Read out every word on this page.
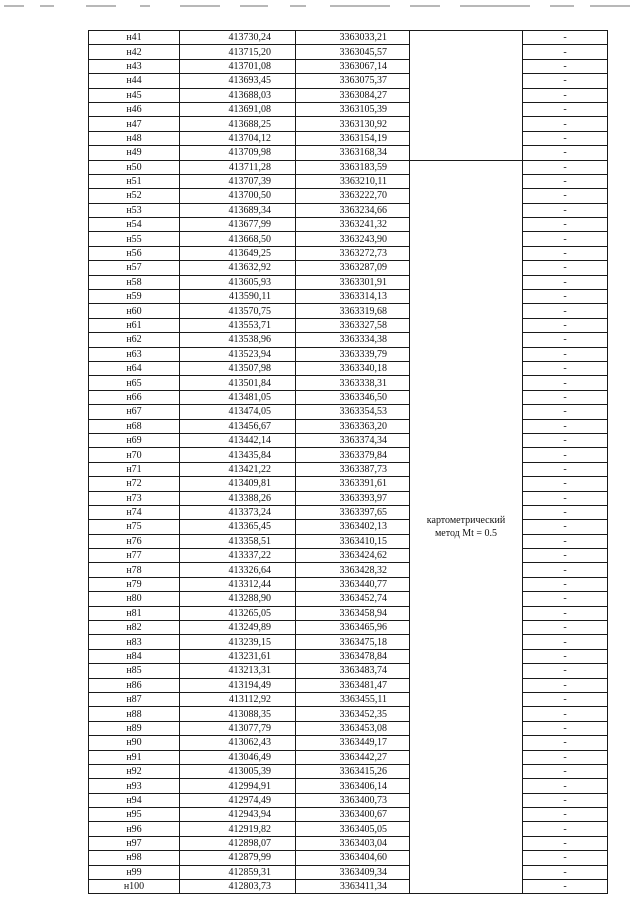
н41	413730,24	3363033,21		-
н42	413715,20	3363045,57		-
н43	413701,08	3363067,14		-
н44	413693,45	3363075,37		-
н45	413688,03	3363084,27		-
н46	413691,08	3363105,39		-
н47	413688,25	3363130,92		-
н48	413704,12	3363154,19		-
н49	413709,98	3363168,34		-
н50	413711,28	3363183,59	картометрический
метод Mt = 0.5	-
н51	413707,39	3363210,11		-
н52	413700,50	3363222,70		-
н53	413689,34	3363234,66		-
н54	413677,99	3363241,32		-
н55	413668,50	3363243,90		-
н56	413649,25	3363272,73		-
н57	413632,92	3363287,09		-
н58	413605,93	3363301,91		-
н59	413590,11	3363314,13		-
н60	413570,75	3363319,68		-
н61	413553,71	3363327,58		-
н62	413538,96	3363334,38		-
н63	413523,94	3363339,79		-
н64	413507,98	3363340,18		-
н65	413501,84	3363338,31		-
н66	413481,05	3363346,50		-
н67	413474,05	3363354,53		-
н68	413456,67	3363363,20		-
н69	413442,14	3363374,34		-
н70	413435,84	3363379,84		-
н71	413421,22	3363387,73		-
н72	413409,81	3363391,61		-
н73	413388,26	3363393,97		-
н74	413373,24	3363397,65		-
н75	413365,45	3363402,13		-
н76	413358,51	3363410,15		-
н77	413337,22	3363424,62		-
н78	413326,64	3363428,32		-
н79	413312,44	3363440,77		-
н80	413288,90	3363452,74		-
н81	413265,05	3363458,94		-
н82	413249,89	3363465,96		-
н83	413239,15	3363475,18		-
н84	413231,61	3363478,84		-
н85	413213,31	3363483,74		-
н86	413194,49	3363481,47		-
н87	413112,92	3363455,11		-
н88	413088,35	3363452,35		-
н89	413077,79	3363453,08		-
н90	413062,43	3363449,17		-
н91	413046,49	3363442,27		-
н92	413005,39	3363415,26		-
н93	412994,91	3363406,14		-
н94	412974,49	3363400,73		-
н95	412943,94	3363400,67		-
н96	412919,82	3363405,05		-
н97	412898,07	3363403,04		-
н98	412879,99	3363404,60		-
н99	412859,31	3363409,34		-
н100	412803,73	3363411,34		-
